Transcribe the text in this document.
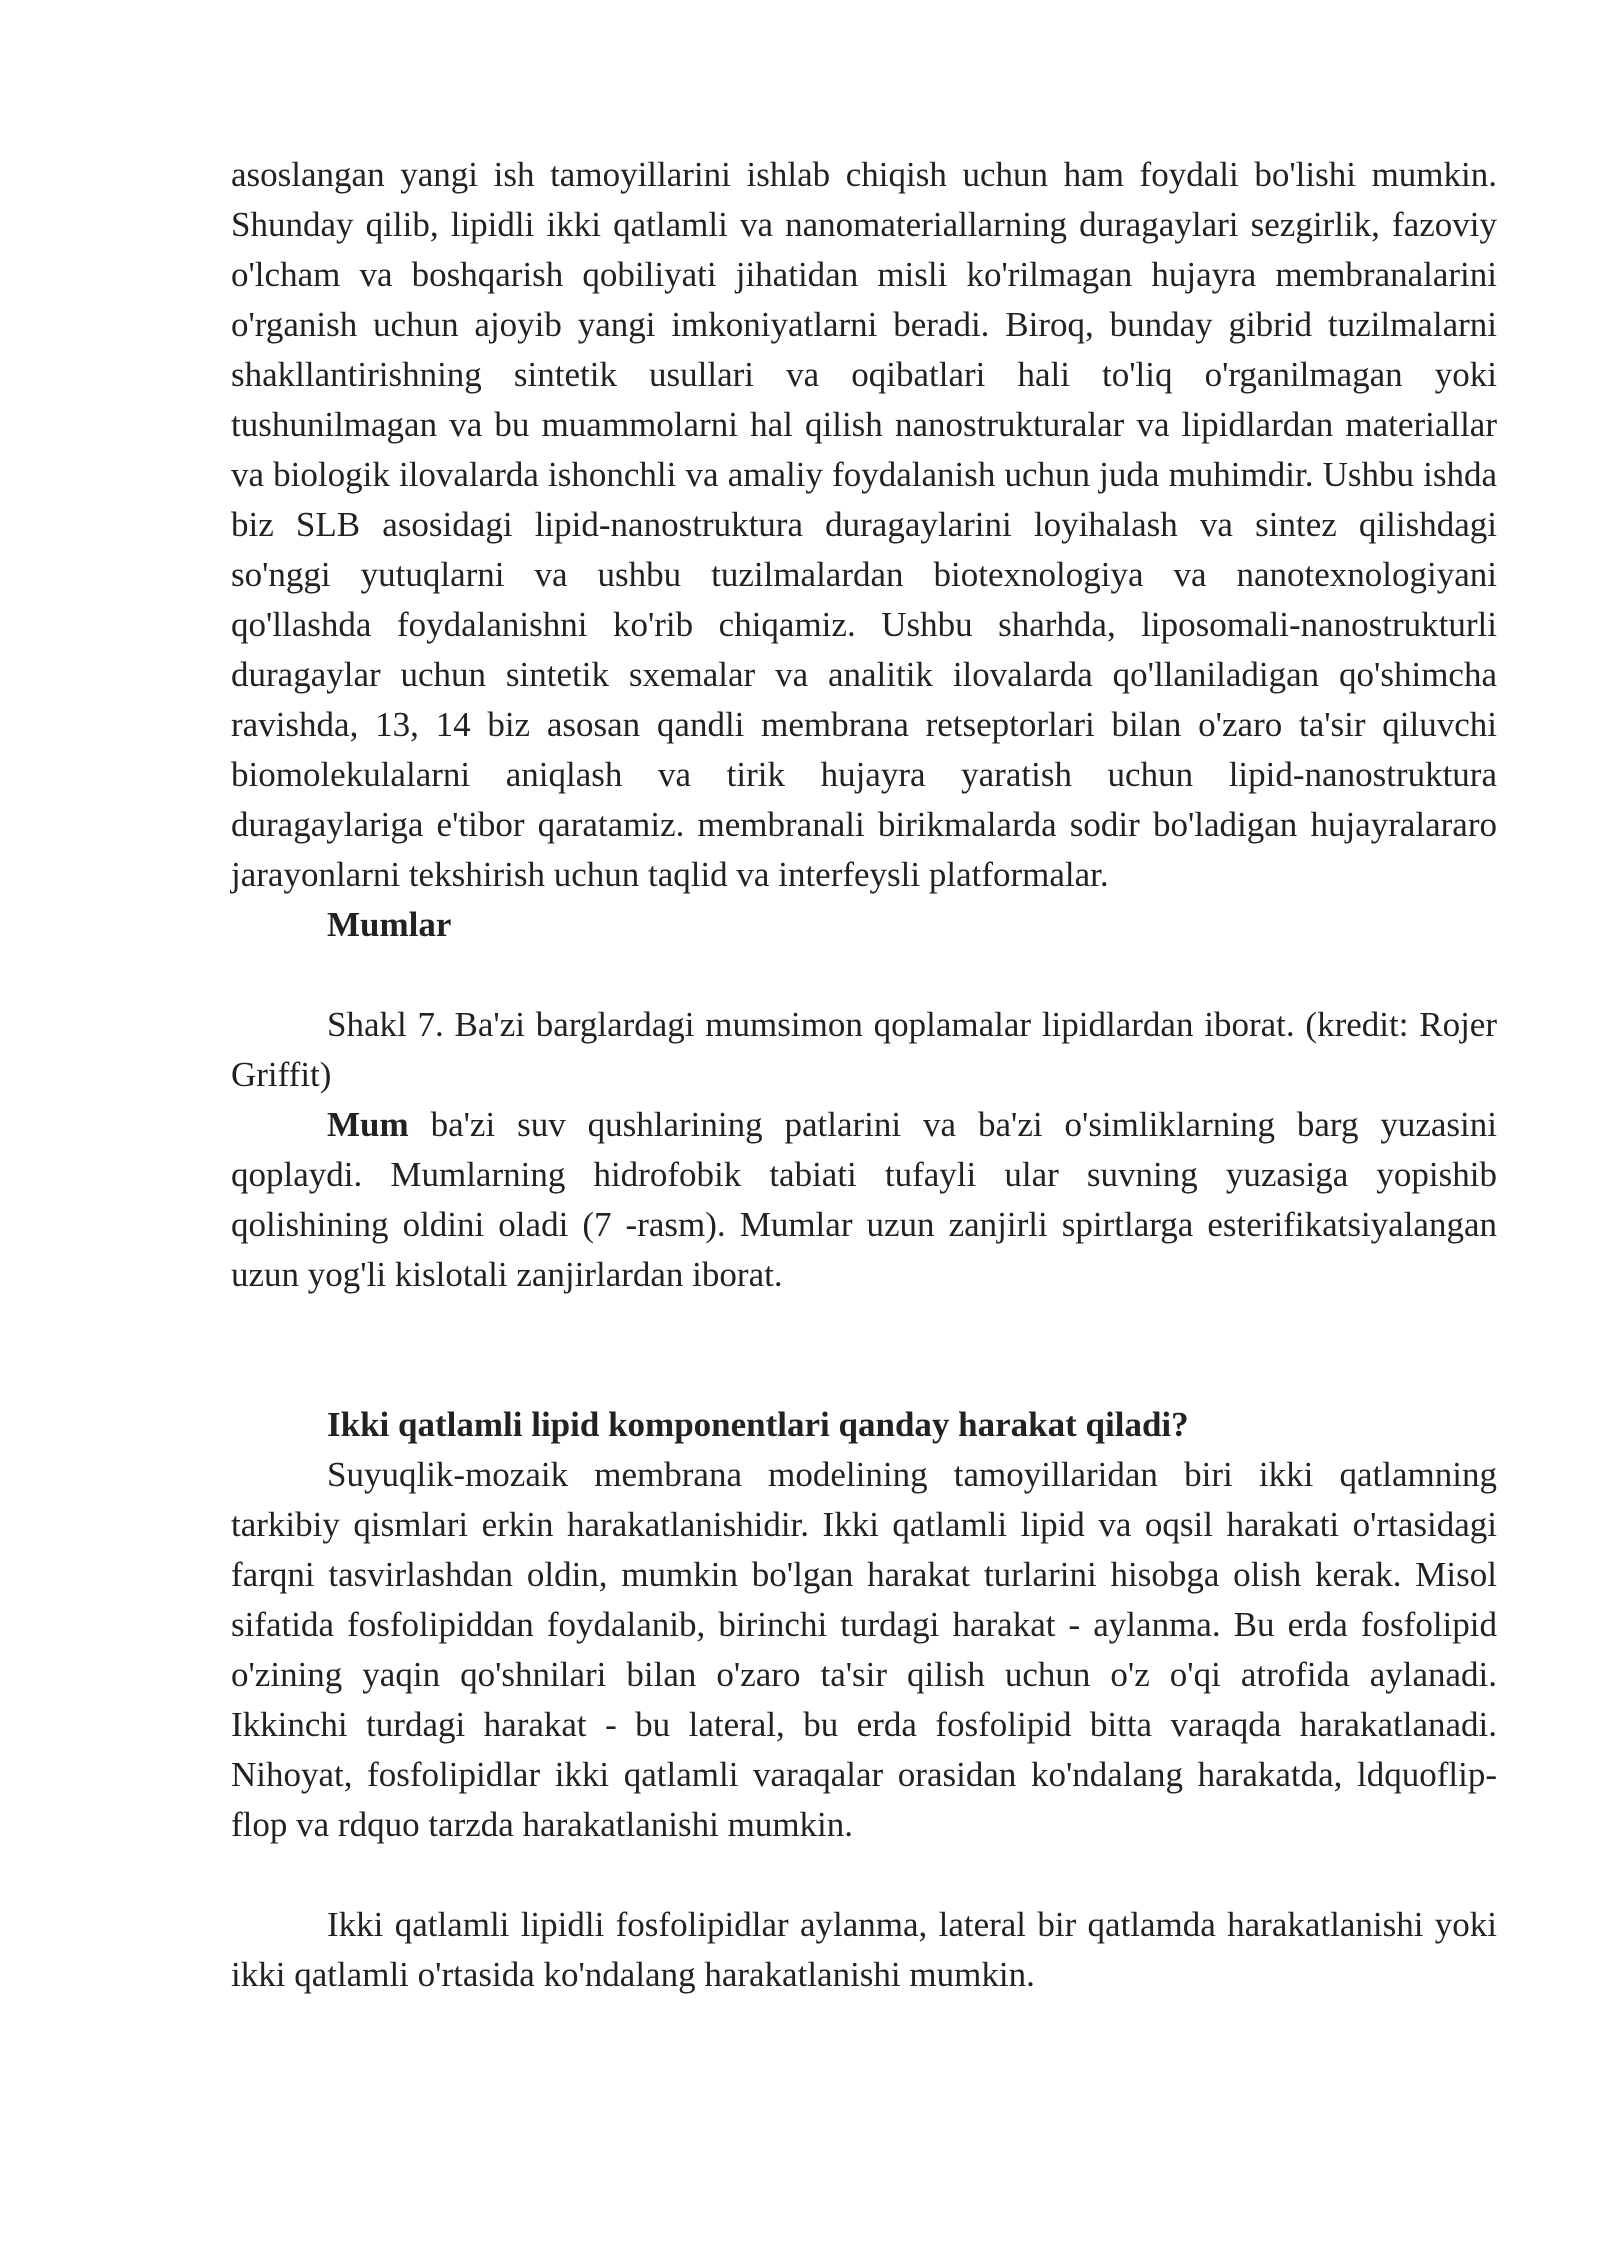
asoslangan yangi ish tamoyillarini ishlab chiqish uchun ham foydali bo'lishi mumkin. Shunday qilib, lipidli ikki qatlamli va nanomateriallarning duragaylari sezgirlik, fazoviy o'lcham va boshqarish qobiliyati jihatidan misli ko'rilmagan hujayra membranalarini o'rganish uchun ajoyib yangi imkoniyatlarni beradi. Biroq, bunday gibrid tuzilmalarni shakllantirishning sintetik usullari va oqibatlari hali to'liq o'rganilmagan yoki tushunilmagan va bu muammolarni hal qilish nanostrukturalar va lipidlardan materiallar va biologik ilovalarda ishonchli va amaliy foydalanish uchun juda muhimdir. Ushbu ishda biz SLB asosidagi lipid-nanostruktura duragaylarini loyihalash va sintez qilishdagi so'nggi yutuqlarni va ushbu tuzilmalardan biotexnologiya va nanotexnologiyani qo'llashda foydalanishni ko'rib chiqamiz. Ushbu sharhda, liposomali-nanostrukturli duragaylar uchun sintetik sxemalar va analitik ilovalarda qo'llaniladigan qo'shimcha ravishda, 13, 14 biz asosan qandli membrana retseptorlari bilan o'zaro ta'sir qiluvchi biomolekulalarni aniqlash va tirik hujayra yaratish uchun lipid-nanostruktura duragaylariga e'tibor qaratamiz. membranali birikmalarda sodir bo'ladigan hujayralararo jarayonlarni tekshirish uchun taqlid va interfeysli platformalar.

Mumlar

Shakl 7. Ba'zi barglardagi mumsimon qoplamalar lipidlardan iborat. (kredit: Rojer Griffit)

Mum ba'zi suv qushlarining patlarini va ba'zi o'simliklarning barg yuzasini qoplaydi. Mumlarning hidrofobik tabiati tufayli ular suvning yuzasiga yopishib qolishining oldini oladi (7 -rasm). Mumlar uzun zanjirli spirtlarga esterifikatsiyalangan uzun yog'li kislotali zanjirlardan iborat.

Ikki qatlamli lipid komponentlari qanday harakat qiladi?

Suyuqlik-mozaik membrana modelining tamoyillaridan biri ikki qatlamning tarkibiy qismlari erkin harakatlanishidir. Ikki qatlamli lipid va oqsil harakati o'rtasidagi farqni tasvirlashdan oldin, mumkin bo'lgan harakat turlarini hisobga olish kerak. Misol sifatida fosfolipiddan foydalanib, birinchi turdagi harakat - aylanma. Bu erda fosfolipid o'zining yaqin qo'shnilari bilan o'zaro ta'sir qilish uchun o'z o'qi atrofida aylanadi. Ikkinchi turdagi harakat - bu lateral, bu erda fosfolipid bitta varaqda harakatlanadi. Nihoyat, fosfolipidlar ikki qatlamli varaqalar orasidan ko'ndalang harakatda, ldquoflip-flop va rdquo tarzda harakatlanishi mumkin.

Ikki qatlamli lipidli fosfolipidlar aylanma, lateral bir qatlamda harakatlanishi yoki ikki qatlamli o'rtasida ko'ndalang harakatlanishi mumkin.
